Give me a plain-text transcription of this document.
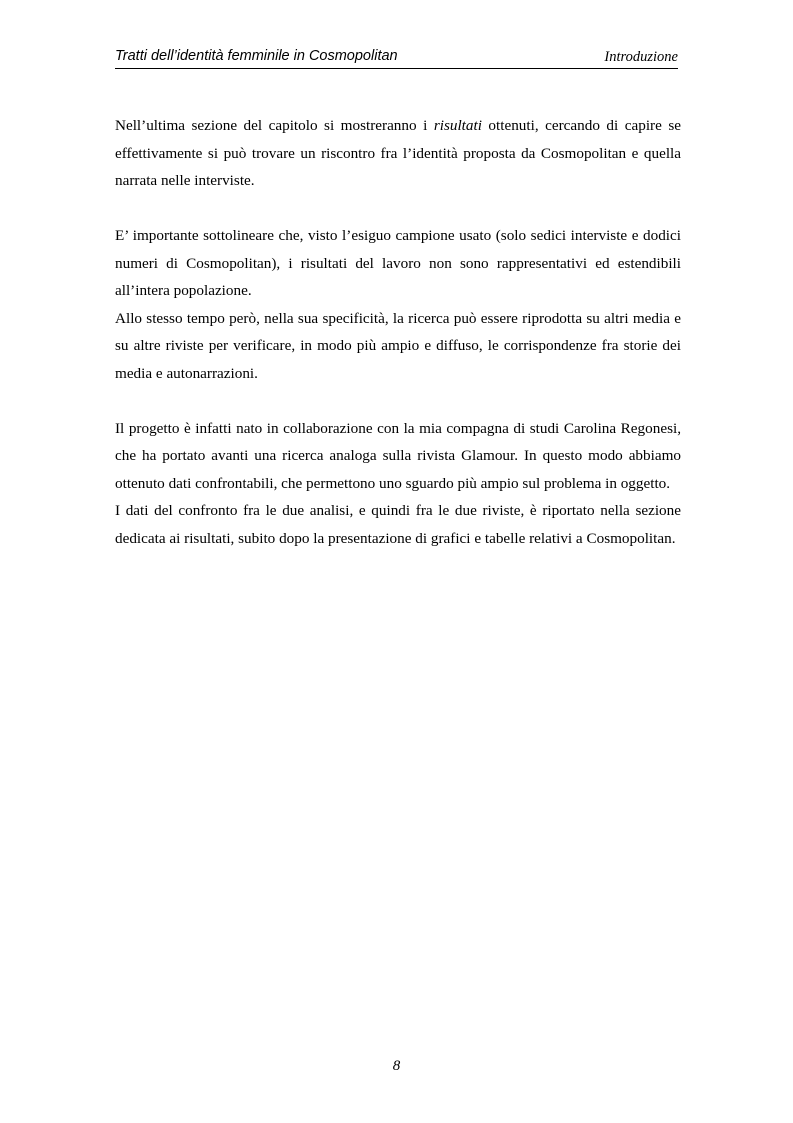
Tratti dell’identità femminile in Cosmopolitan	Introduzione

Nell’ultima sezione del capitolo si mostreranno i risultati ottenuti, cercando di capire se effettivamente si può trovare un riscontro fra l’identità proposta da Cosmopolitan e quella narrata nelle interviste.

E’ importante sottolineare che, visto l’esiguo campione usato (solo sedici interviste e dodici numeri di Cosmopolitan), i risultati del lavoro non sono rappresentativi ed estendibili all’intera popolazione.

Allo stesso tempo però, nella sua specificità, la ricerca può essere riprodotta su altri media e su altre riviste per verificare, in modo più ampio e diffuso, le corrispondenze fra storie dei media e autonarrazioni.

Il progetto è infatti nato in collaborazione con la mia compagna di studi Carolina Regonesi, che ha portato avanti una ricerca analoga sulla rivista Glamour. In questo modo abbiamo ottenuto dati confrontabili, che permettono uno sguardo più ampio sul problema in oggetto.

I dati del confronto fra le due analisi, e quindi fra le due riviste, è riportato nella sezione dedicata ai risultati, subito dopo la presentazione di grafici e tabelle relativi a Cosmopolitan.

8
